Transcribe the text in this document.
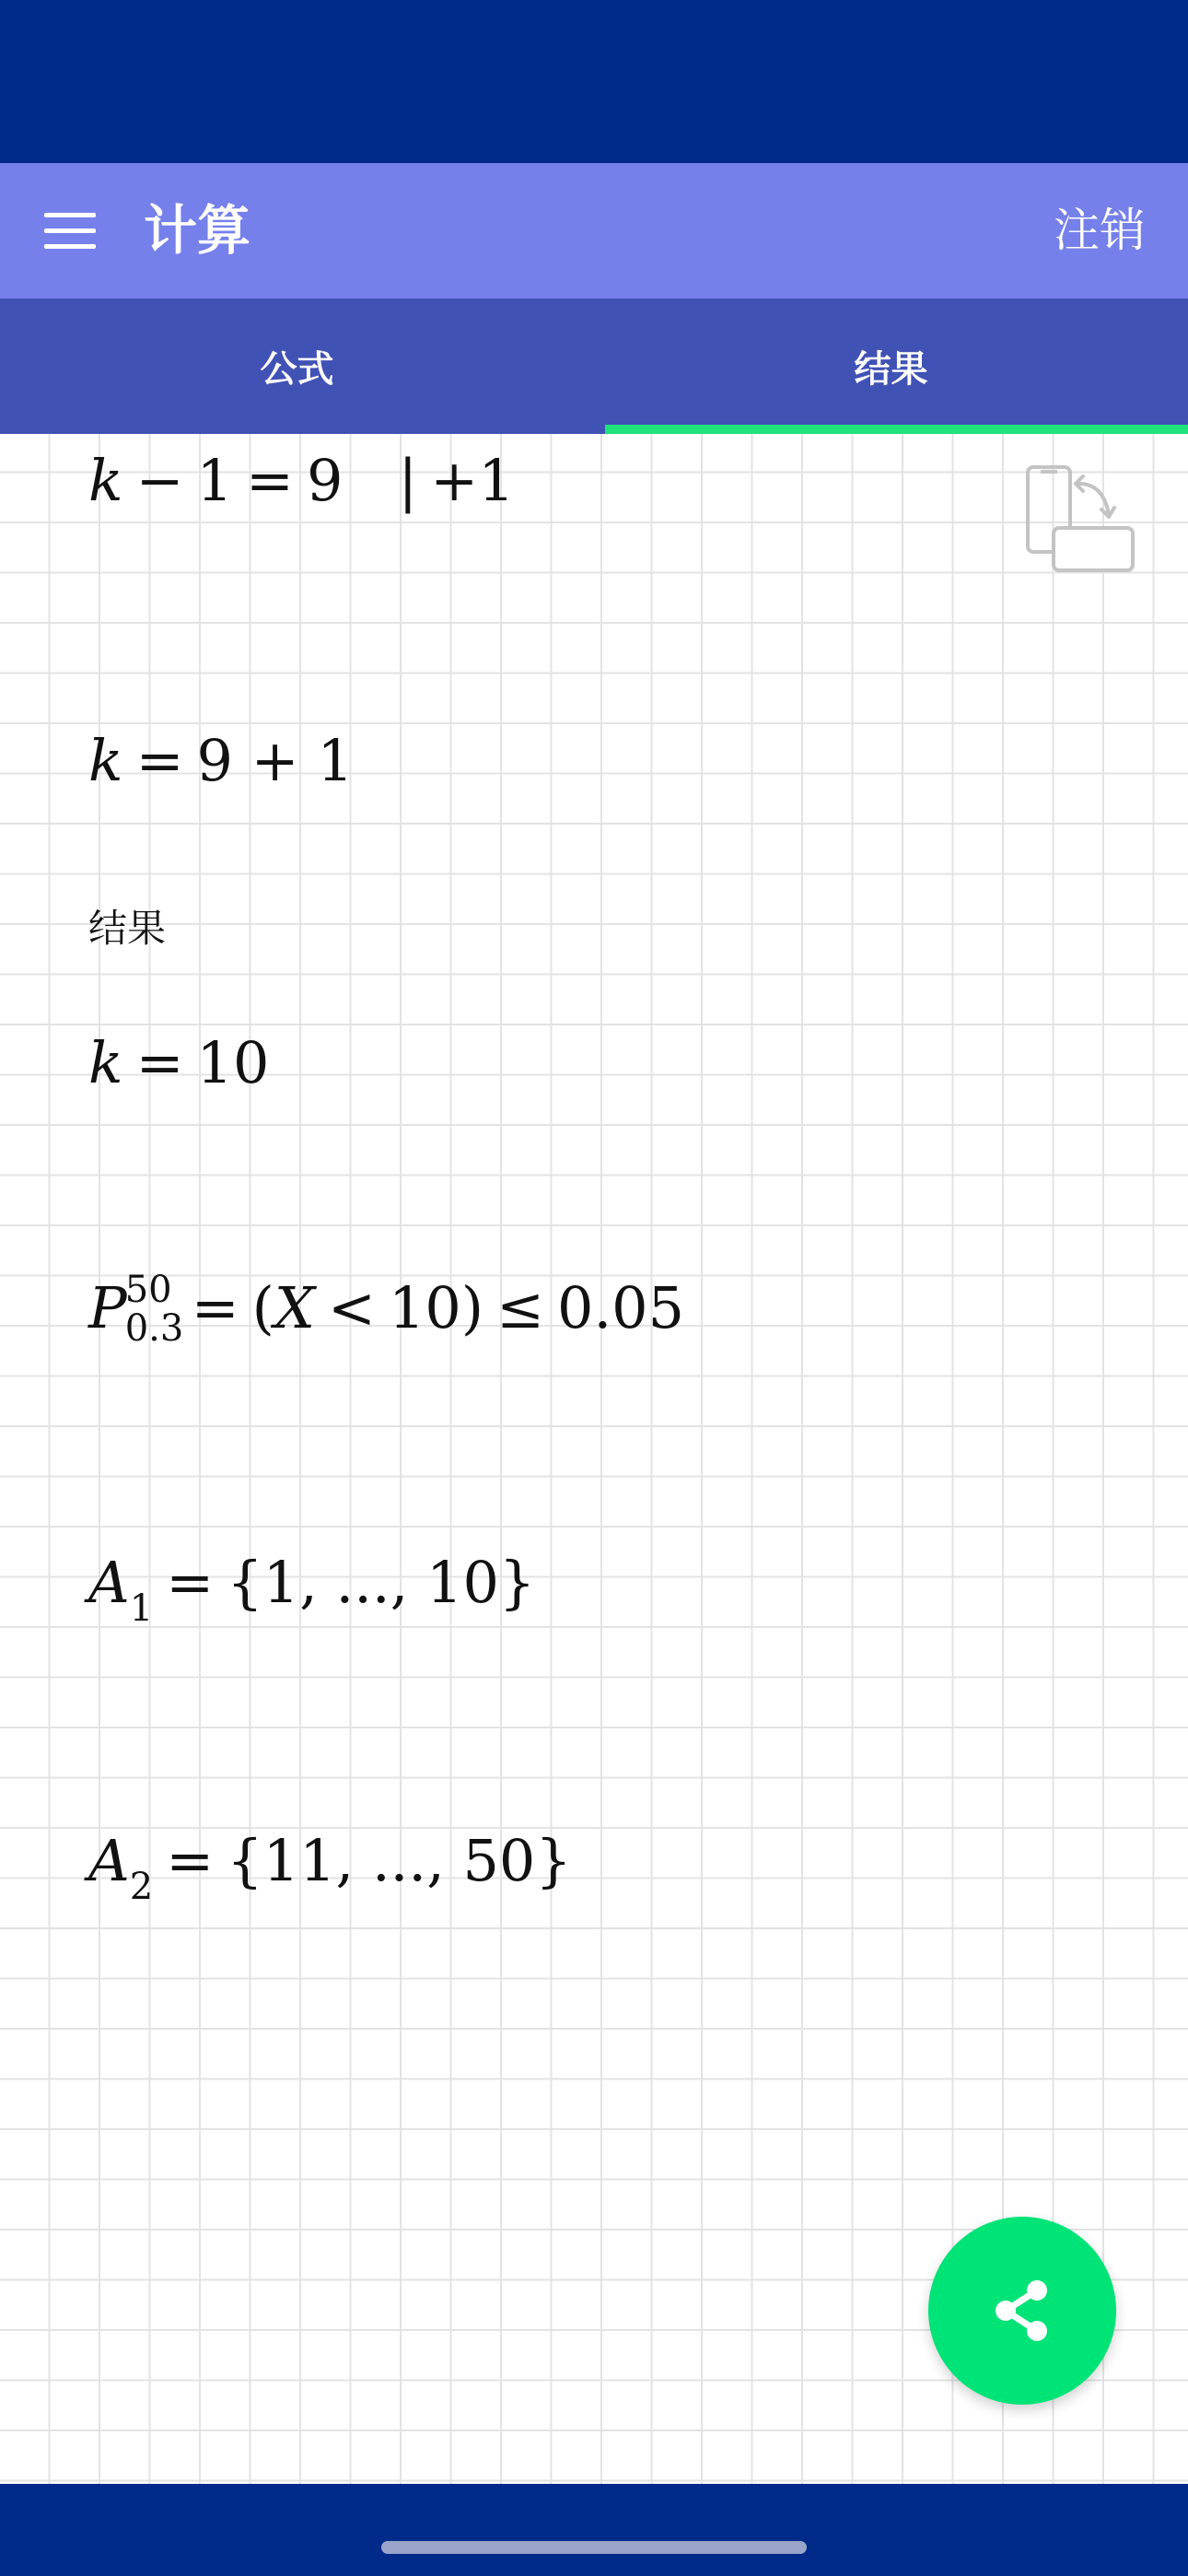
计算	注销
公式	结果
k − 1 = 9 | +1
k = 9 + 1
结果
k = 10
P
50
0.3 = (X < 10) ≤ 0.05
$A_1 = \{1$, ..., 10}
$A_2 = \{11$, ..., 50}
